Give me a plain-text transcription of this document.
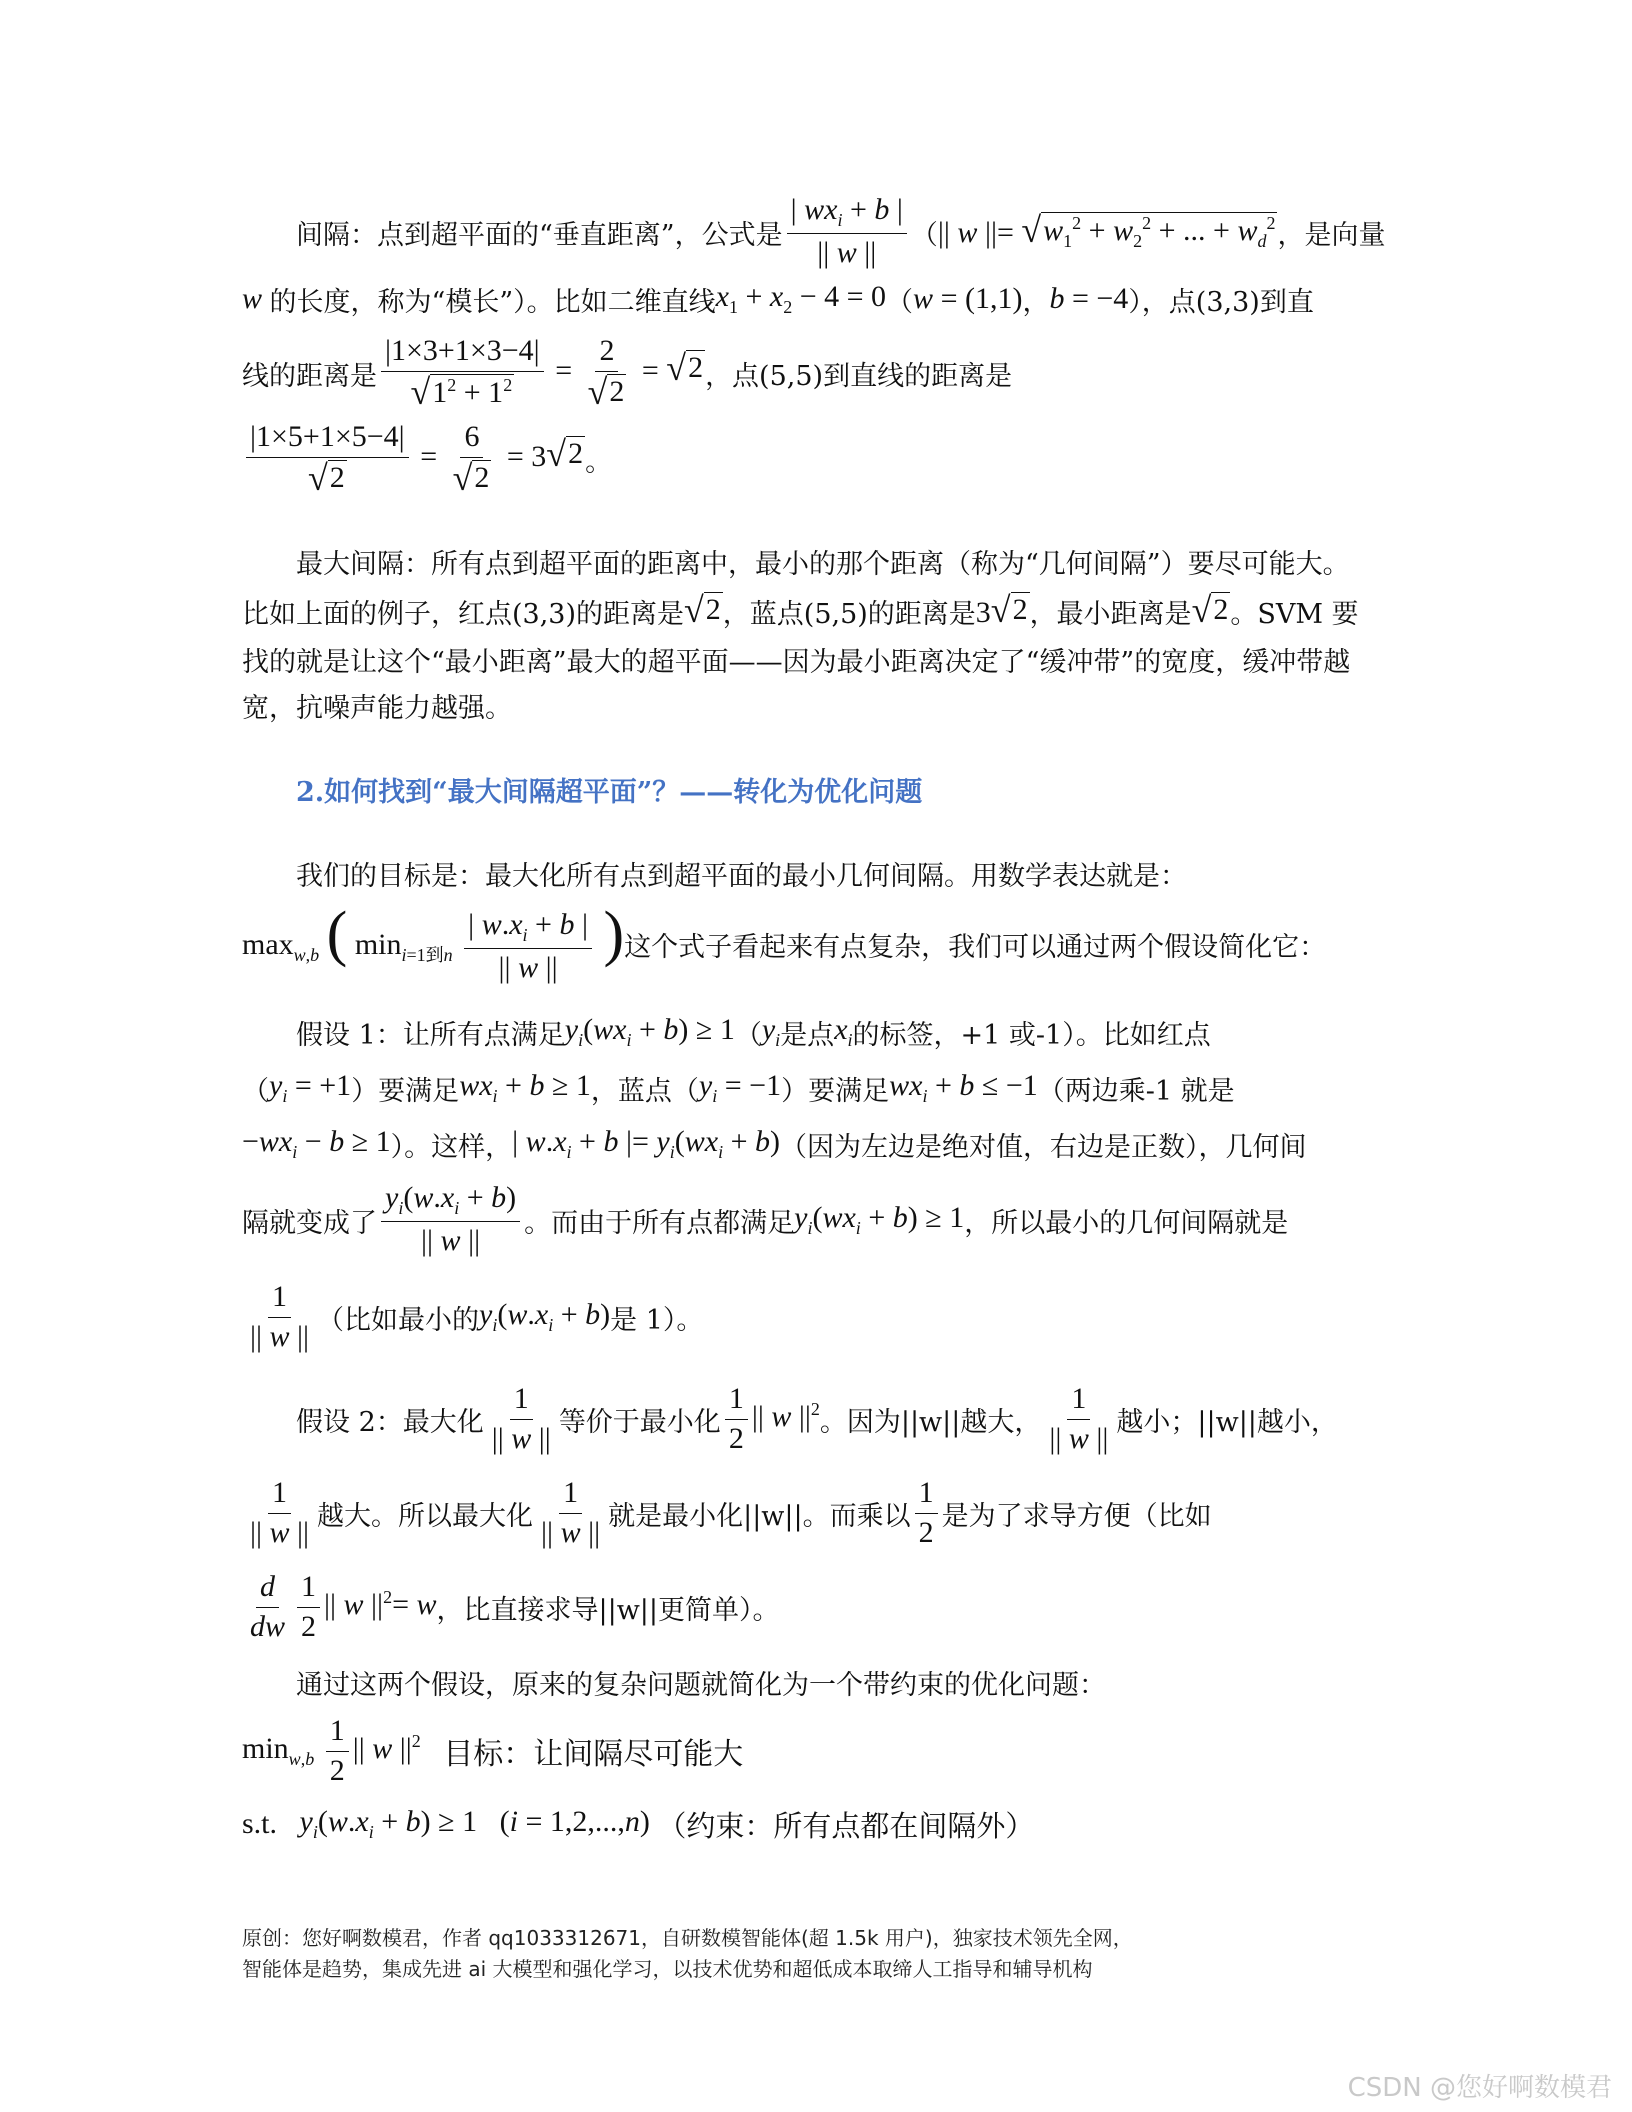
间隔：点到超平面的“垂直距离”，公式是 $\frac{| wx_i + b |}{|| w ||}$ （ || w ||= √ $w_1^2 + w_2^2$ + ... + $w_d^2$ ，是向量
w 的长度，称为“模长”）。比如二维直线 $x_1 + x_2 - 4 = 0$ （ w = (1,1) ， b = −4 ），点(3,3)到直
线的距离是 $\frac{|1\times 3+1\times 3-4|}{√ 1^2 + 1^2} = \frac{2}{√ 2}$ = √ 2 ，点(5,5)到直线的距离是
$\frac{|1\times 5+1\times 5-4|}{√ 2} = \frac{6}{√ 2} = 3$ √ 2 。
最大间隔：所有点到超平面的距离中，最小的那个距离（称为“几何间隔”）要尽可能大。
比如上面的例子，红点(3,3)的距离是 √ 2 ，蓝点(5,5)的距离是 3 √ 2 ，最小距离是 √ 2 。SVM 要
找的就是让这个“最小距离”最大的超平面——因为最小距离决定了“缓冲带”的宽度，缓冲带越
宽，抗噪声能力越强。
2.如何找到“最大间隔超平面”？——转化为优化问题
我们的目标是：最大化所有点到超平面的最小几何间隔。用数学表达就是：
$\max_{w,b}$ ( $\min_{i=1到n} \frac{| w.x_i + b |}{|| w ||}$ ) 这个式子看起来有点复杂，我们可以通过两个假设简化它：
假设 1：让所有点满足 $y_i(wx_i + b) \ge 1$ （ $y_i$ 是点 $x_i$ 的标签，+1 或-1）。比如红点
（ $y_i = +1$ ）要满足 $wx_i + b \ge 1$ ，蓝点（ $y_i = -1$ ）要满足 $wx_i + b \le -1$ （两边乘-1 就是
$-wx_i - b \ge 1$ ）。这样， | $w.x_i + b$ |= $y_i(wx_i + b)$ （因为左边是绝对值，右边是正数），几何间
隔就变成了 $\frac{y_i(w.x_i + b)}{|| w ||}$ 。而由于所有点都满足 $y_i(wx_i + b) \ge 1$ ，所以最小的几何间隔就是
$\frac{1}{|| w ||}$ （比如最小的 $y_i(w.x_i + b)$ 是 1）。
假设 2：最大化 $\frac{1}{|| w ||}$ 等价于最小化 $\frac{1}{2}$ || w $||^2$ 。因为||w||越大， $\frac{1}{|| w ||}$ 越小；||w||越小，
$\frac{1}{|| w ||}$ 越大。所以最大化 $\frac{1}{|| w ||}$ 就是最小化||w||。而乘以 $\frac{1}{2}$ 是为了求导方便（比如
$\frac{d}{dw} \frac{1}{2}$ || w $||^2= w$ ，比直接求导||w||更简单）。
通过这两个假设，原来的复杂问题就简化为一个带约束的优化问题：
$\min_{w,b} \frac{1}{2}$ || w $||^2$ 目标：让间隔尽可能大
s.t. $y_i(w.x_i + b) \ge 1$   (i = 1,2,...,n) （约束：所有点都在间隔外）
原创：您好啊数模君，作者 qq1033312671，自研数模智能体(超 1.5k 用户)，独家技术领先全网，
智能体是趋势，集成先进 ai 大模型和强化学习，以技术优势和超低成本取缔人工指导和辅导机构
CSDN @您好啊数模君
